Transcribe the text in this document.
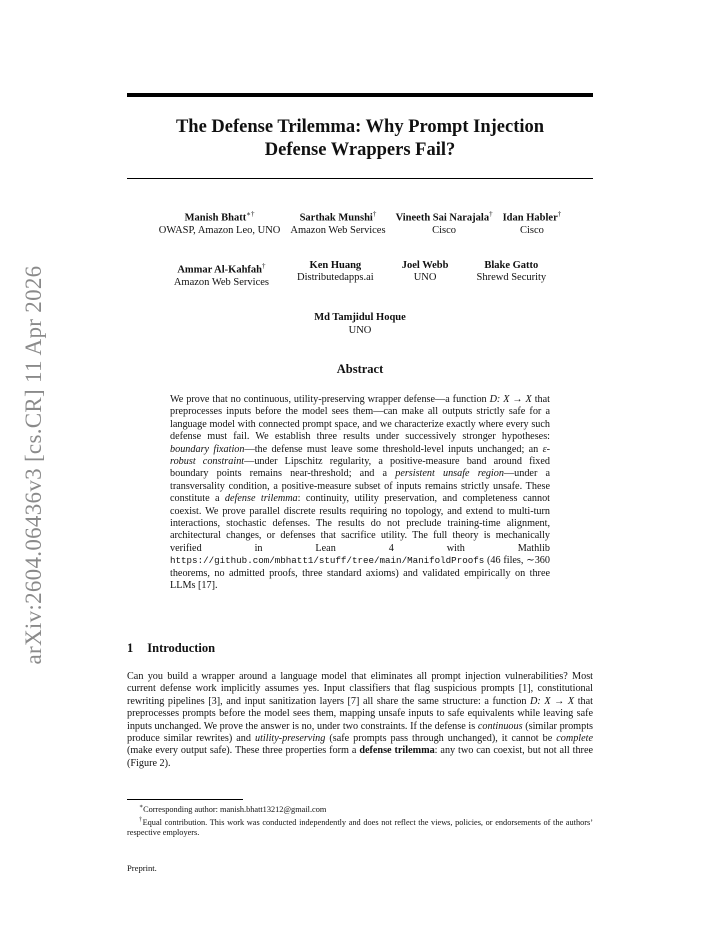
arXiv:2604.06436v3 [cs.CR] 11 Apr 2026
The Defense Trilemma: Why Prompt Injection
Defense Wrappers Fail?
Manish Bhatt∗†
OWASP, Amazon Leo, UNO
Sarthak Munshi†
Amazon Web Services
Vineeth Sai Narajala†
Cisco
Idan Habler†
Cisco
Ammar Al-Kahfah†
Amazon Web Services
Ken Huang
Distributedapps.ai
Joel Webb
UNO
Blake Gatto
Shrewd Security
Md Tamjidul Hoque
UNO
Abstract

We prove that no continuous, utility-preserving wrapper defense—a function D: X → X that preprocesses inputs before the model sees them—can make all outputs strictly safe for a language model with connected prompt space, and we characterize exactly where every such defense must fail. We establish three results under successively stronger hypotheses: boundary fixation—the defense must leave some threshold-level inputs unchanged; an ε-robust constraint—under Lipschitz regularity, a positive-measure band around fixed boundary points remains near-threshold; and a persistent unsafe region—under a transversality condition, a positive-measure subset of inputs remains strictly unsafe. These constitute a defense trilemma: continuity, utility preservation, and completeness cannot coexist. We prove parallel discrete results requiring no topology, and extend to multi-turn interactions, stochastic defenses. The results do not preclude training-time alignment, architectural changes, or defenses that sacrifice utility. The full theory is mechanically verified in Lean 4 with Mathlib https://github.com/mbhatt1/stuff/tree/main/ManifoldProofs (46 files, ∼360 theorems, no admitted proofs, three standard axioms) and validated empirically on three LLMs [17].

1 Introduction

Can you build a wrapper around a language model that eliminates all prompt injection vulnerabilities? Most current defense work implicitly assumes yes. Input classifiers that flag suspicious prompts [1], constitutional rewriting pipelines [3], and input sanitization layers [7] all share the same structure: a function D: X → X that preprocesses prompts before the model sees them, mapping unsafe inputs to safe equivalents while leaving safe inputs unchanged. We prove the answer is no, under two constraints. If the defense is continuous (similar prompts produce similar rewrites) and utility-preserving (safe prompts pass through unchanged), it cannot be complete (make every output safe). These three properties form a defense trilemma: any two can coexist, but not all three (Figure 2).

∗Corresponding author: manish.bhatt13212@gmail.com

†Equal contribution. This work was conducted independently and does not reflect the views, policies, or endorsements of the authors’ respective employers.

Preprint.
